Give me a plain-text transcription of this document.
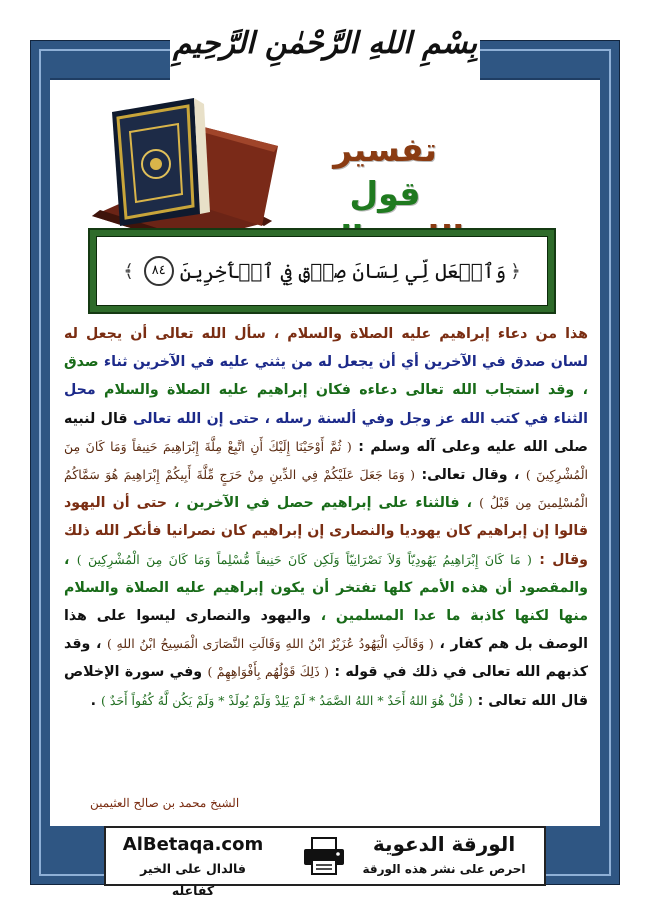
بِسْمِ اللهِ الرَّحْمٰنِ الرَّحِيمِ
تفسير قول
﴿
وَٱجۡعَل لِّي لِسَانَ صِدۡقٖ فِي ٱلۡأٓخِرِينَ
٨٤
﴾
هذا من دعاء إبراهيم عليه الصلاة والسلام ، سأل الله تعالى أن يجعل له لسان صدق في الآخرين أي أن يجعل له من يثني عليه في الآخرين ثناء صدق ، وقد استجاب الله تعالى دعاءه فكان إبراهيم عليه الصلاة والسلام محل الثناء في كتب الله عز وجل وفي ألسنة رسله ، حتى إن الله تعالى قال لنبيه صلى الله عليه وعلى آله وسلم : ( ثُمَّ أَوْحَيْنَا إِلَيْكَ أَنِ اتَّبِعْ مِلَّةَ إِبْرَاهِيمَ حَنِيفاً وَمَا كَانَ مِنَ الْمُشْرِكِينَ ) ، وقال تعالى: ( وَمَا جَعَلَ عَلَيْكُمْ فِي الدِّينِ مِنْ حَرَجٍ مِّلَّةَ أَبِيكُمْ إِبْرَاهِيمَ هُوَ سَمَّاكُمُ الْمُسْلِمينَ مِن قَبْلُ ) ، فالثناء على إبراهيم حصل في الآخرين ، حتى أن اليهود قالوا إن إبراهيم كان يهوديا والنصارى إن إبراهيم كان نصرانيا فأنكر الله ذلك وقال : ( مَا كَانَ إِبْرَاهِيمُ يَهُودِيّاً وَلاَ نَصْرَانِيّاً وَلَكِن كَانَ حَنِيفاً مُّسْلِماً وَمَا كَانَ مِنَ الْمُشْرِكِينَ ) ، والمقصود أن هذه الأمم كلها تفتخر أن يكون إبراهيم عليه الصلاة والسلام منها لكنها كاذبة ما عدا المسلمين ، واليهود والنصارى ليسوا على هذا الوصف بل هم كفار ، ( وَقَالَتِ الْيَهُودُ عُزَيْرٌ ابْنُ اللهِ وَقَالَتِ النَّصَارَى الْمَسِيحُ ابْنُ اللهِ ) ، وقد كذبهم الله تعالى في ذلك في قوله : ( ذَلِكَ قَوْلُهُم بِأَفْوَاهِهِمْ ) وفي سورة الإخلاص قال الله تعالى : ( قُلْ هُوَ اللهُ أَحَدٌ * اللهُ الصَّمَدُ * لَمْ يَلِدْ وَلَمْ يُولَدْ * وَلَمْ يَكُن لَّهُ كُفُواً أَحَدٌ ) .
الشيخ محمد بن صالح العثيمين
AlBetaqa.com
فالدال على الخير كفاعله
الورقة الدعوية
احرص على نشر هذه الورقة
